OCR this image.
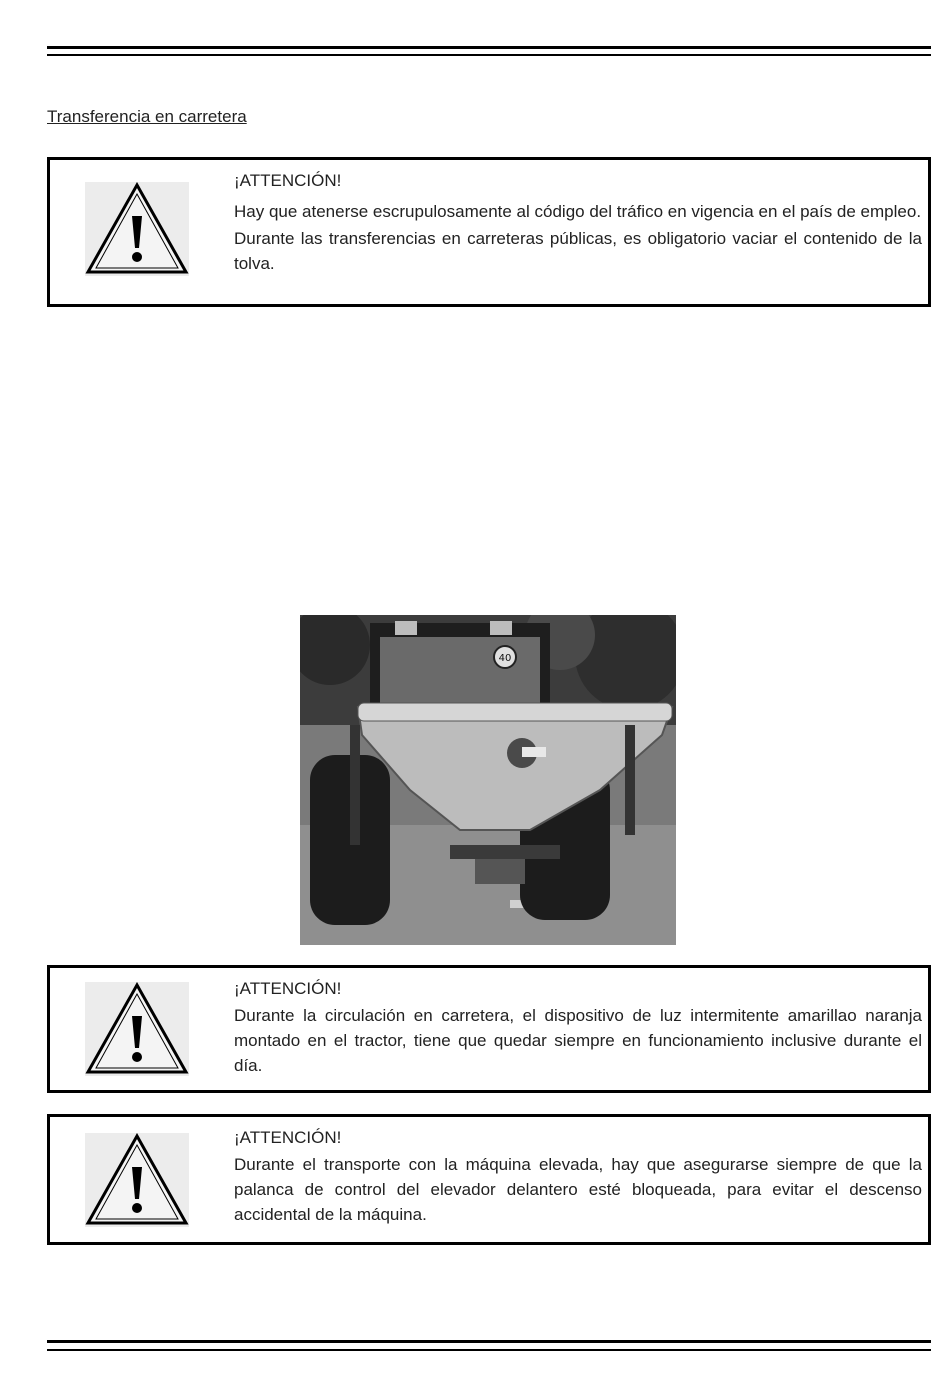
Transferencia en carretera
¡ATTENCIÓN!

Hay que atenerse escrupulosamente al código del tráfico en vigencia en el país de empleo.

Durante las transferencias en carreteras públicas, es obligatorio vaciar el contenido de la tolva.

40
¡ATTENCIÓN!

Durante la circulación en carretera, el dispositivo de luz intermitente amarillao naranja montado en el tractor, tiene que quedar siempre en funcionamiento inclusive durante el día.

¡ATTENCIÓN!

Durante el transporte con la máquina elevada, hay que asegurarse siempre de que la palanca de control del elevador delantero esté bloqueada, para evitar el descenso accidental de la máquina.
